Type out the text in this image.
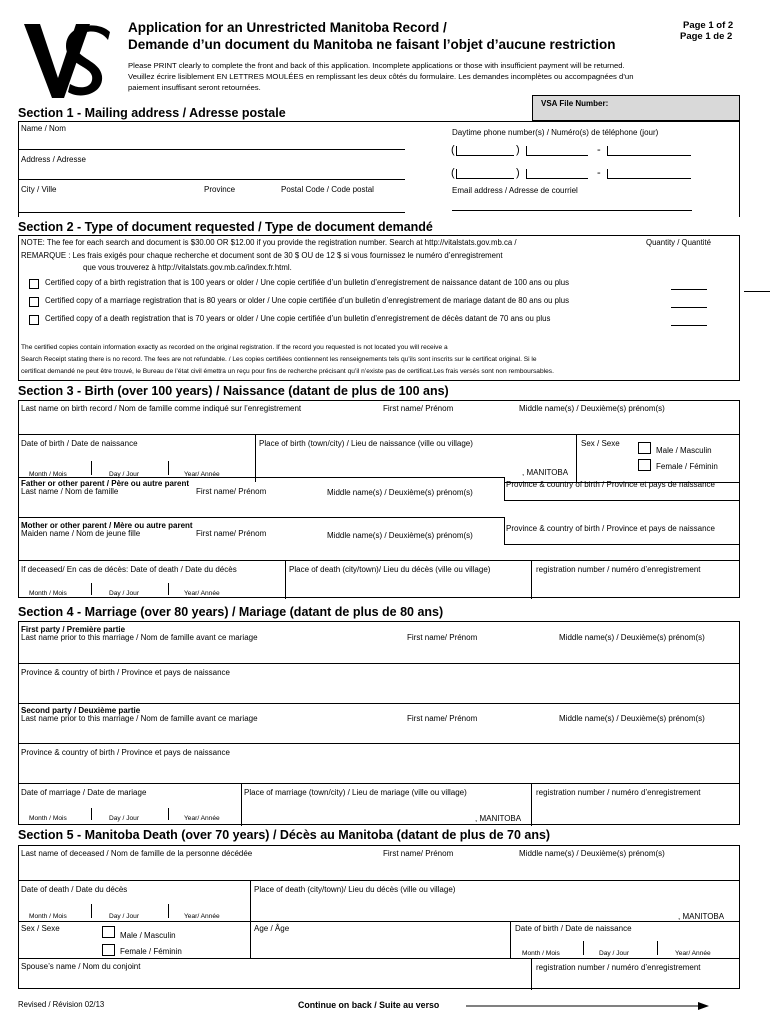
Application for an Unrestricted Manitoba Record /
Demande d’un document du Manitoba ne faisant l’objet d’aucune restriction
Page 1 of 2
Page 1 de 2
Please PRINT clearly to complete the front and back of this application. Incomplete applications or those with insufficient payment will be returned.
Veuillez écrire lisiblement EN LETTRES MOULÉES en remplissant les deux côtés du formulaire. Les demandes incomplètes ou accompagnées d’un
paiement insuffisant seront retournées.
VSA File Number:
Section 1 - Mailing address / Adresse postale
Name / Nom
Address / Adresse
City / Ville	Province	Postal Code / Code postal
Daytime phone number(s) / Numéro(s) de téléphone (jour)
(	)	-
(	)	-
Email address / Adresse de courriel
Section 2 - Type of document requested / Type de document demandé
NOTE: The fee for each search and document is $30.00 OR $12.00 if you provide the registration number. Search at http://vitalstats.gov.mb.ca /	Quantity / Quantité
REMARQUE : Les frais exigés pour chaque recherche et document sont de 30 $ OU de 12 $ si vous fournissez le numéro d’enregistrement
que vous trouverez à http://vitalstats.gov.mb.ca/index.fr.html.
Certified copy of a birth registration that is 100 years or older / Une copie certifiée d’un bulletin d’enregistrement de naissance datant de 100 ans ou plus
Certified copy of a marriage registration that is 80 years or older / Une copie certifiée d’un bulletin d’enregistrement de mariage datant de 80 ans ou plus
Certified copy of a death registration that is 70 years or older / Une copie certifiée d’un bulletin d’enregistrement de décès datant de 70 ans ou plus
The certified copies contain information exactly as recorded on the original registration. If the record you requested is not located you will receive a
Search Receipt stating there is no record. The fees are not refundable. / Les copies certifiées contiennent les renseignements tels qu’ils sont inscrits sur le certificat original. Si le
certificat demandé ne peut être trouvé, le Bureau de l’état civil émettra un reçu pour fins de recherche précisant qu’il n’existe pas de certificat.Les frais versés sont non remboursables.
Section 3 - Birth (over 100 years) / Naissance (datant de plus de 100 ans)
Last name on birth record / Nom de famille comme indiqué sur l’enregistrement	First name/ Prénom	Middle name(s) / Deuxième(s) prénom(s)
Date of birth / Date de naissance	Place of birth (town/city) / Lieu de naissance (ville ou village)	Sex / Sexe
Male / Masculin
Female / Féminin
, MANITOBA
Month / Mois	Day / Jour	Year/ Année
Father or other parent / Père ou autre parent
Last name / Nom de famille	First name/ Prénom	Middle name(s) / Deuxième(s) prénom(s)
Province & country of birth / Province et pays de naissance
Mother or other parent / Mère ou autre parent
Maiden name / Nom de jeune fille	First name/ Prénom	Middle name(s) / Deuxième(s) prénom(s)
Province & country of birth / Province et pays de naissance
If deceased/ En cas de décès: Date of death / Date du décès	Place of death (city/town)/ Lieu du décès (ville ou village)	registration number / numéro d’enregistrement
Month / Mois	Day / Jour	Year/ Année
Section 4 - Marriage (over 80 years) / Mariage (datant de plus de 80 ans)
First party / Première partie
Last name prior to this marriage / Nom de famille avant ce mariage	First name/ Prénom	Middle name(s) / Deuxième(s) prénom(s)
Province & country of birth / Province et pays de naissance
Second party / Deuxième partie
Last name prior to this marriage / Nom de famille avant ce mariage	First name/ Prénom	Middle name(s) / Deuxième(s) prénom(s)
Province & country of birth / Province et pays de naissance
Date of marriage / Date de mariage	Place of marriage (town/city) / Lieu de mariage (ville ou village)	registration number / numéro d’enregistrement
, MANITOBA
Month / Mois	Day / Jour	Year/ Année
Section 5 - Manitoba Death (over 70 years) / Décès au Manitoba (datant de plus de 70 ans)
Last name of deceased / Nom de famille de la personne décédée	First name/ Prénom	Middle name(s) / Deuxième(s) prénom(s)
Date of death / Date du décès	Place of death (city/town)/ Lieu du décès (ville ou village)
, MANITOBA
Month / Mois	Day / Jour	Year/ Année
Sex / Sexe
Male / Masculin
Female / Féminin
Age / Âge	Date of birth / Date de naissance
Month / Mois	Day / Jour	Year/ Année
Spouse’s name / Nom du conjoint	registration number / numéro d’enregistrement
Revised / Révision 02/13	Continue on back / Suite au verso
